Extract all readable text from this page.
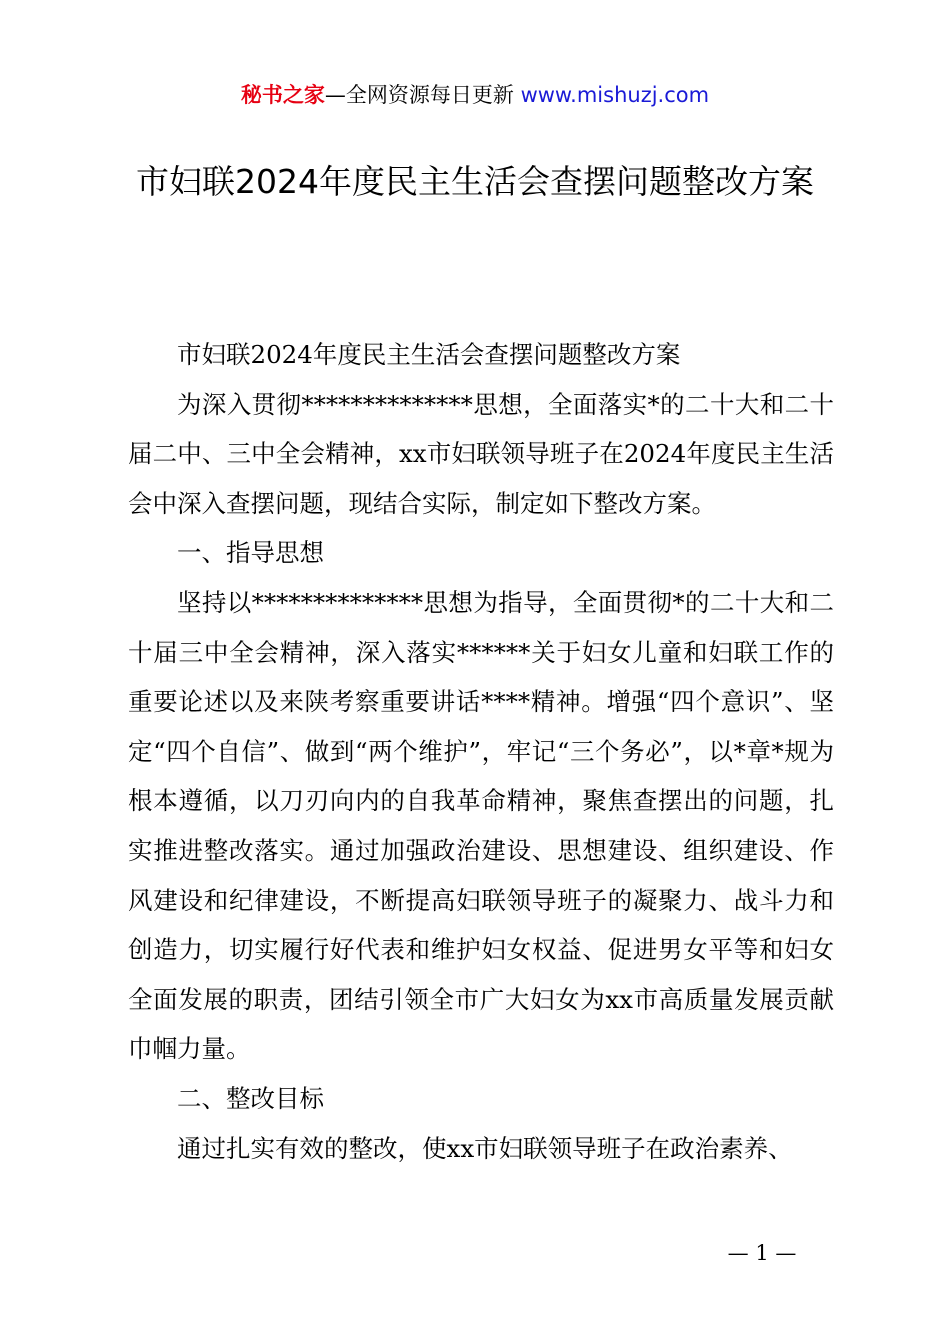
秘书之家—全网资源每日更新 www.mishuzj.com
市妇联2024年度民主生活会查摆问题整改方案

市妇联2024年度民主生活会查摆问题整改方案

为深入贯彻**************思想，全面落实*的二十大和二十届二中、三中全会精神，xx市妇联领导班子在2024年度民主生活会中深入查摆问题，现结合实际，制定如下整改方案。

一、指导思想

坚持以**************思想为指导，全面贯彻*的二十大和二十届三中全会精神，深入落实******关于妇女儿童和妇联工作的重要论述以及来陕考察重要讲话****精神。增强“四个意识”、坚定“四个自信”、做到“两个维护”，牢记“三个务必”，以*章*规为根本遵循，以刀刃向内的自我革命精神，聚焦查摆出的问题，扎实推进整改落实。通过加强政治建设、思想建设、组织建设、作风建设和纪律建设，不断提高妇联领导班子的凝聚力、战斗力和创造力，切实履行好代表和维护妇女权益、促进男女平等和妇女全面发展的职责，团结引领全市广大妇女为xx市高质量发展贡献巾帼力量。

二、整改目标

通过扎实有效的整改，使xx市妇联领导班子在政治素养、

— 1 —
